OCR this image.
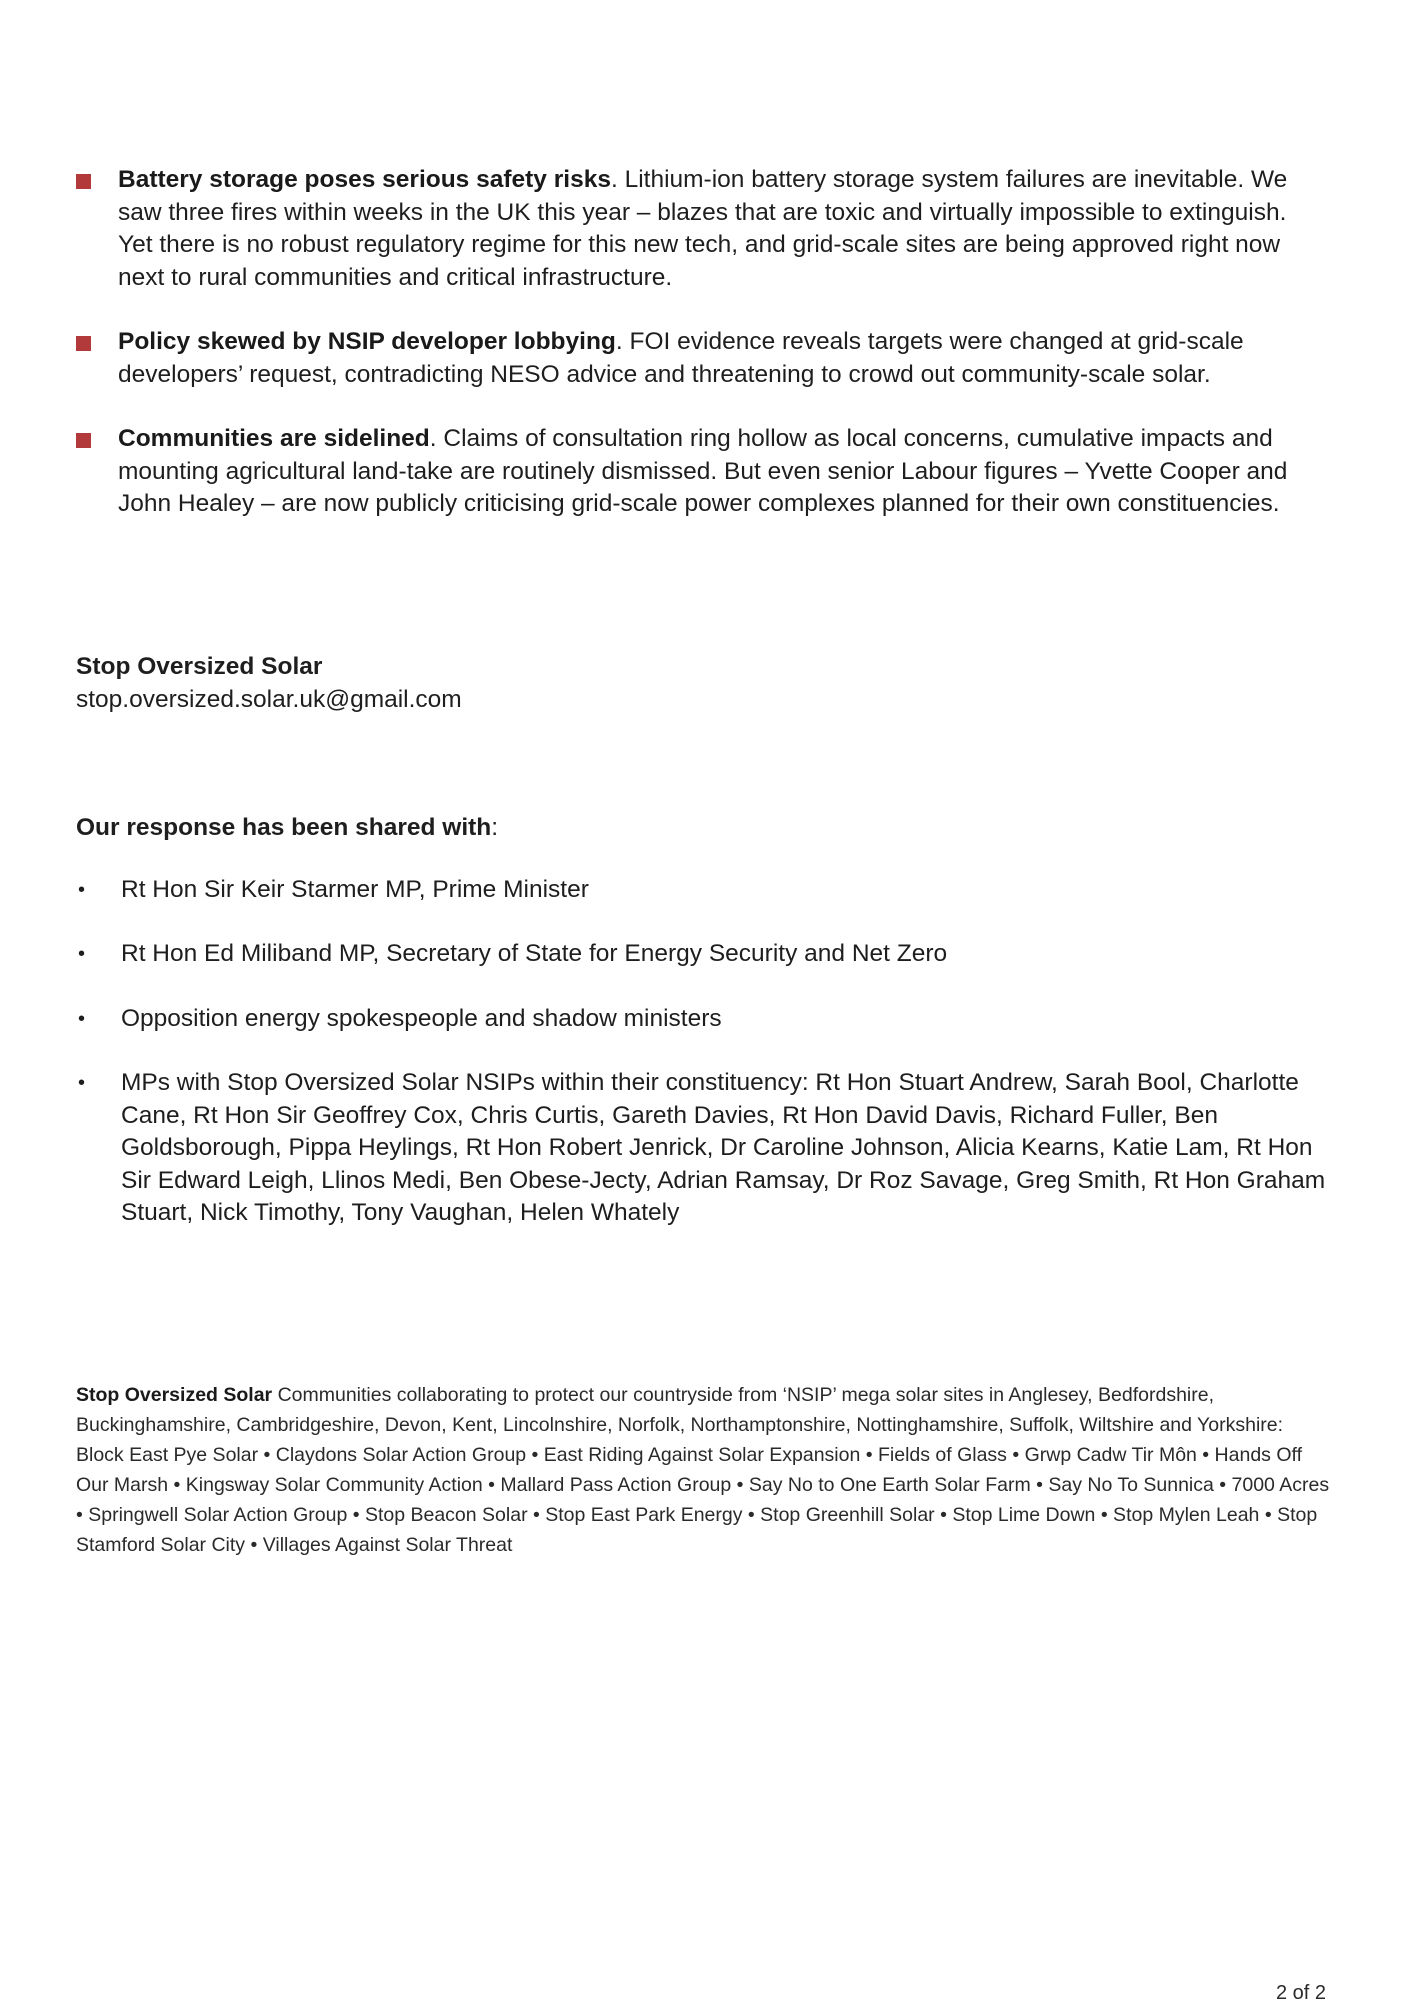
Battery storage poses serious safety risks. Lithium-ion battery storage system failures are inevitable. We saw three fires within weeks in the UK this year – blazes that are toxic and virtually impossible to extinguish. Yet there is no robust regulatory regime for this new tech, and grid-scale sites are being approved right now next to rural communities and critical infrastructure.
Policy skewed by NSIP developer lobbying. FOI evidence reveals targets were changed at grid-scale developers’ request, contradicting NESO advice and threatening to crowd out community-scale solar.
Communities are sidelined. Claims of consultation ring hollow as local concerns, cumulative impacts and mounting agricultural land-take are routinely dismissed. But even senior Labour figures – Yvette Cooper and John Healey – are now publicly criticising grid-scale power complexes planned for their own constituencies.
Stop Oversized Solar
stop.oversized.solar.uk@gmail.com

Our response has been shared with:

• Rt Hon Sir Keir Starmer MP, Prime Minister
• Rt Hon Ed Miliband MP, Secretary of State for Energy Security and Net Zero
• Opposition energy spokespeople and shadow ministers
• MPs with Stop Oversized Solar NSIPs within their constituency: Rt Hon Stuart Andrew, Sarah Bool, Charlotte Cane, Rt Hon Sir Geoffrey Cox, Chris Curtis, Gareth Davies, Rt Hon David Davis, Richard Fuller, Ben Goldsborough, Pippa Heylings, Rt Hon Robert Jenrick, Dr Caroline Johnson, Alicia Kearns, Katie Lam, Rt Hon Sir Edward Leigh, Llinos Medi, Ben Obese-Jecty, Adrian Ramsay, Dr Roz Savage, Greg Smith, Rt Hon Graham Stuart, Nick Timothy, Tony Vaughan, Helen Whately
Stop Oversized Solar Communities collaborating to protect our countryside from ‘NSIP’ mega solar sites in Anglesey, Bedfordshire, Buckinghamshire, Cambridgeshire, Devon, Kent, Lincolnshire, Norfolk, Northamptonshire, Nottinghamshire, Suffolk, Wiltshire and Yorkshire: Block East Pye Solar • Claydons Solar Action Group • East Riding Against Solar Expansion • Fields of Glass • Grwp Cadw Tir Môn • Hands Off Our Marsh • Kingsway Solar Community Action • Mallard Pass Action Group • Say No to One Earth Solar Farm • Say No To Sunnica • 7000 Acres • Springwell Solar Action Group • Stop Beacon Solar • Stop East Park Energy • Stop Greenhill Solar • Stop Lime Down • Stop Mylen Leah • Stop Stamford Solar City • Villages Against Solar Threat
2 of 2
